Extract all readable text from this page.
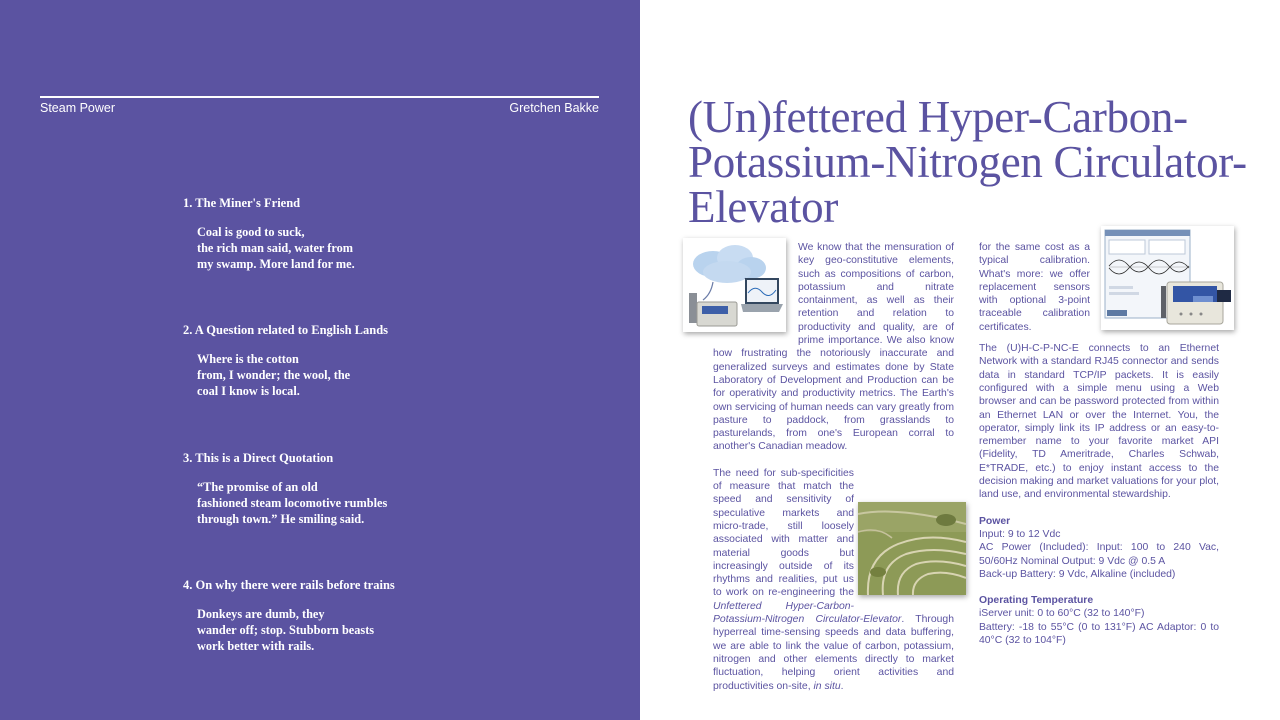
Steam Power	Gretchen Bakke
1. The Miner's Friend
Coal is good to suck,
the rich man said, water from
my swamp. More land for me.
2. A Question related to English Lands
Where is the cotton
from, I wonder; the wool, the
coal I know is local.
3. This is a Direct Quotation
“The promise of an old
fashioned steam locomotive rumbles
through town.” He smiling said.
4. On why there were rails before trains
Donkeys are dumb, they
wander off; stop. Stubborn beasts
work better with rails.
(Un)fettered Hyper-Carbon-Potassium-Nitrogen Circulator-Elevator

We know that the mensuration of key geo-constitutive elements, such as compositions of carbon, potassium and nitrate containment, as well as their retention and relation to productivity and quality, are of prime importance. We also know how frustrating the notoriously inaccurate and generalized surveys and estimates done by State Laboratory of Development and Production can be for operativity and productivity metrics. The Earth's own servicing of human needs can vary greatly from pasture to paddock, from grasslands to pasturelands, from one's European corral to another's Canadian meadow.

The need for sub-specificities of measure that match the speed and sensitivity of speculative markets and micro-trade, still loosely associated with matter and material goods but increasingly outside of its rhythms and realities, put us to work on re-engineering the Unfettered Hyper-Carbon-Potassium-Nitrogen Circulator-Elevator. Through hyperreal time-sensing speeds and data buffering, we are able to link the value of carbon, potassium, nitrogen and other elements directly to market fluctuation, helping orient activities and productivities on-site, in situ.

for the same cost as a typical calibration. What's more: we offer replacement sensors with optional 3-point traceable calibration certificates.

The (U)H-C-P-NC-E connects to an Ethernet Network with a standard RJ45 connector and sends data in standard TCP/IP packets. It is easily configured with a simple menu using a Web browser and can be password protected from within an Ethernet LAN or over the Internet. You, the operator, simply link its IP address or an easy-to-remember name to your favorite market API (Fidelity, TD Ameritrade, Charles Schwab, E*TRADE, etc.) to enjoy instant access to the decision making and market valuations for your plot, land use, and environmental stewardship.

Power

Input: 9 to 12 Vdc

AC Power (Included): Input: 100 to 240 Vac, 50/60Hz Nominal Output: 9 Vdc @ 0.5 A

Back-up Battery: 9 Vdc, Alkaline (included)

Operating Temperature

iServer unit: 0 to 60°C (32 to 140°F)

Battery: -18 to 55°C (0 to 131°F) AC Adaptor: 0 to 40°C (32 to 104°F)
